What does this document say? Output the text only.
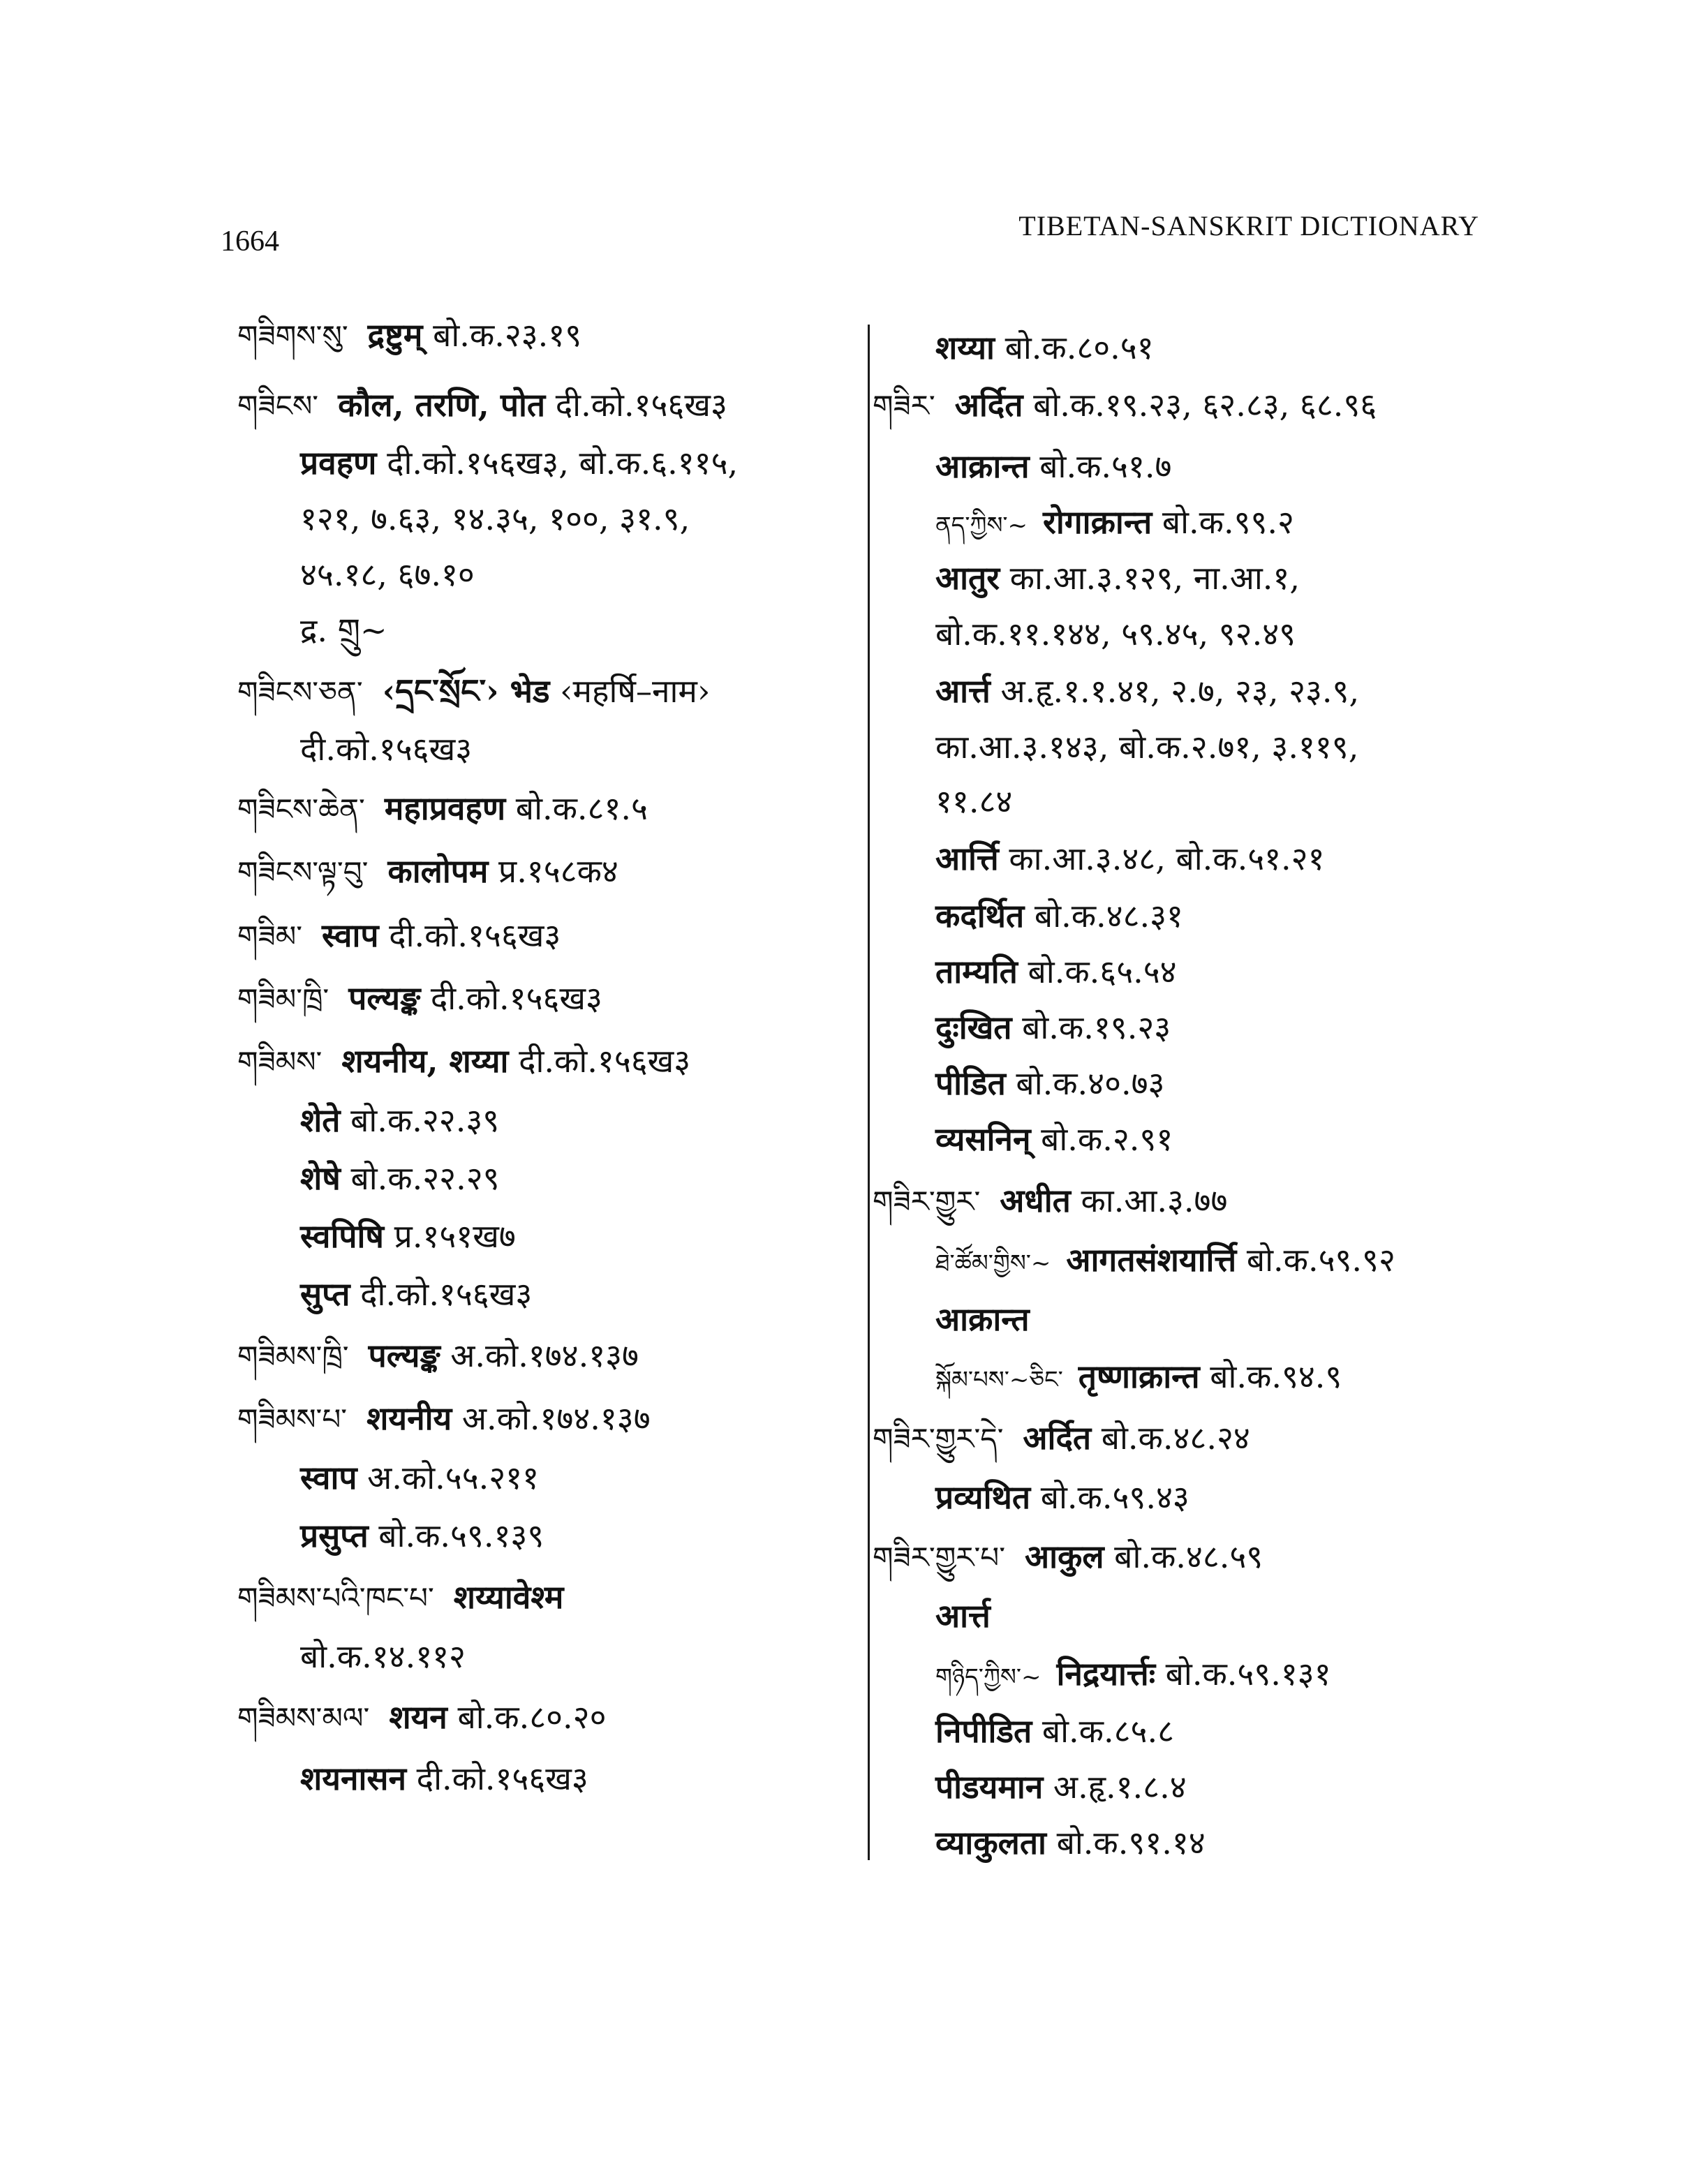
1664	TIBETAN-SANSKRIT DICTIONARY
གཟིགས་སུ་ द्रष्टुम् बो.क.२३.१९
གཟིངས་ कौल, तरणि, पोत दी.को.१५६ख३
प्रवहण दी.को.१५६ख३, बो.क.६.११५,
१२१, ७.६३, १४.३५, १००, ३१.९,
४५.१८, ६७.१०
द्र. གྲུ~
གཟིངས་ཅན་ ‹དྲང་སྲོང་› भेड ‹महर्षि–नाम›
दी.को.१५६ख३
གཟིངས་ཆེན་ महाप्रवहण बो.क.८१.५
གཟིངས་ལྟ་བུ་ कालोपम प्र.१५८क४
གཟིམ་ स्वाप दी.को.१५६ख३
གཟིམ་ཁྲི་ पल्यङ्क दी.को.१५६ख३
གཟིམས་ शयनीय, शय्या दी.को.१५६ख३
शेते बो.क.२२.३९
शेषे बो.क.२२.२९
स्वपिषि प्र.१५१ख७
सुप्त दी.को.१५६ख३
གཟིམས་ཁྲི་ पल्यङ्क अ.को.१७४.१३७
གཟིམས་པ་ शयनीय अ.को.१७४.१३७
स्वाप अ.को.५५.२११
प्रसुप्त बो.क.५९.१३९
གཟིམས་པའི་ཁང་པ་ शय्यावेश्म
बो.क.१४.११२
གཟིམས་མལ་ शयन बो.क.८०.२०
शयनासन दी.को.१५६ख३
शय्या बो.क.८०.५१
གཟིར་ अर्दित बो.क.१९.२३, ६२.८३, ६८.९६
आक्रान्त बो.क.५१.७
ནད་ཀྱིས་~ रोगाक्रान्त बो.क.९९.२
आतुर का.आ.३.१२९, ना.आ.१,
बो.क.११.१४४, ५९.४५, ९२.४९
आर्त्त अ.हृ.१.१.४१, २.७, २३, २३.९,
का.आ.३.१४३, बो.क.२.७१, ३.११९,
११.८४
आर्त्ति का.आ.३.४८, बो.क.५१.२१
कदर्थित बो.क.४८.३१
ताम्यति बो.क.६५.५४
दुःखित बो.क.१९.२३
पीडित बो.क.४०.७३
व्यसनिन् बो.क.२.९१
གཟིར་གྱུར་ अधीत का.आ.३.७७
ཐེ་ཚོམ་གྱིས་~ आगतसंशयार्त्ति बो.क.५९.९२
आक्रान्त
སྐོམ་པས་~ཅིང་ तृष्णाक्रान्त बो.क.९४.९
གཟིར་གྱུར་དེ་ अर्दित बो.क.४८.२४
प्रव्यथित बो.क.५९.४३
གཟིར་གྱུར་པ་ आकुल बो.क.४८.५९
आर्त्त
གཉིད་ཀྱིས་~ निद्रयार्त्तः बो.क.५९.१३१
निपीडित बो.क.८५.८
पीडयमान अ.हृ.१.८.४
व्याकुलता बो.क.९१.१४
